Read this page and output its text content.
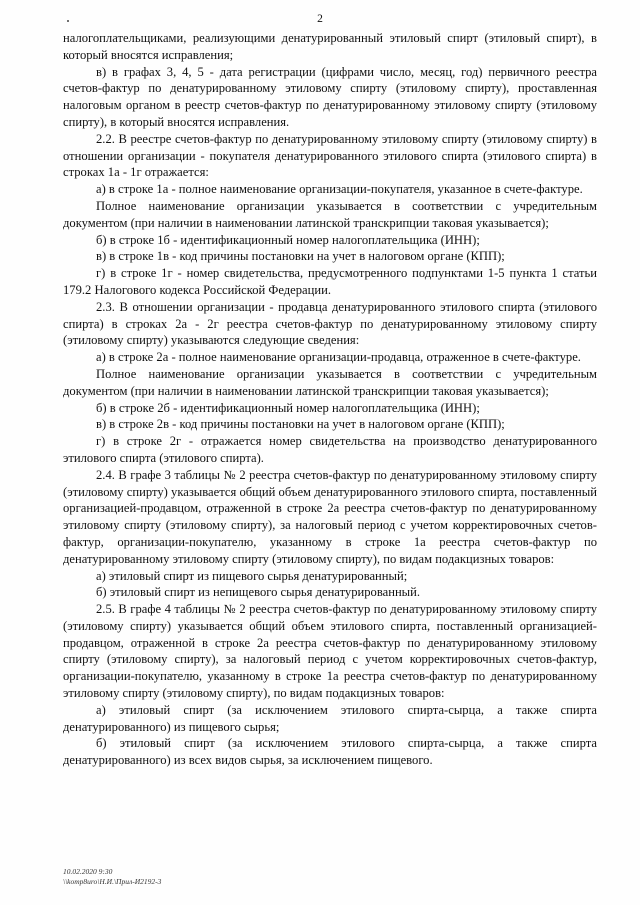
2

налогоплательщиками, реализующими денатурированный этиловый спирт (этиловый спирт), в который вносятся исправления;

в) в графах 3, 4, 5 - дата регистрации (цифрами число, месяц, год) первичного реестра счетов-фактур по денатурированному этиловому спирту (этиловому спирту), проставленная налоговым органом в реестр счетов-фактур по денатурированному этиловому спирту (этиловому спирту), в который вносятся исправления.

2.2. В реестре счетов-фактур по денатурированному этиловому спирту (этиловому спирту) в отношении организации - покупателя денатурированного этилового спирта (этилового спирта) в строках 1а - 1г отражается:

а) в строке 1а - полное наименование организации-покупателя, указанное в счете-фактуре.

Полное наименование организации указывается в соответствии с учредительным документом (при наличии в наименовании латинской транскрипции таковая указывается);

б) в строке 1б - идентификационный номер налогоплательщика (ИНН);

в) в строке 1в - код причины постановки на учет в налоговом органе (КПП);

г) в строке 1г - номер свидетельства, предусмотренного подпунктами 1-5 пункта 1 статьи 179.2 Налогового кодекса Российской Федерации.

2.3. В отношении организации - продавца денатурированного этилового спирта (этилового спирта) в строках 2а - 2г реестра счетов-фактур по денатурированному этиловому спирту (этиловому спирту) указываются следующие сведения:

а) в строке 2а - полное наименование организации-продавца, отраженное в счете-фактуре.

Полное наименование организации указывается в соответствии с учредительным документом (при наличии в наименовании латинской транскрипции таковая указывается);

б) в строке 2б - идентификационный номер налогоплательщика (ИНН);

в) в строке 2в - код причины постановки на учет в налоговом органе (КПП);

г) в строке 2г - отражается номер свидетельства на производство денатурированного этилового спирта (этилового спирта).

2.4. В графе 3 таблицы № 2 реестра счетов-фактур по денатурированному этиловому спирту (этиловому спирту) указывается общий объем денатурированного этилового спирта, поставленный организацией-продавцом, отраженной в строке 2а реестра счетов-фактур по денатурированному этиловому спирту (этиловому спирту), за налоговый период с учетом корректировочных счетов-фактур, организации-покупателю, указанному в строке 1а реестра счетов-фактур по денатурированному этиловому спирту (этиловому спирту), по видам подакцизных товаров:

а) этиловый спирт из пищевого сырья денатурированный;

б) этиловый спирт из непищевого сырья денатурированный.

2.5. В графе 4 таблицы № 2 реестра счетов-фактур по денатурированному этиловому спирту (этиловому спирту) указывается общий объем этилового спирта, поставленный организацией-продавцом, отраженной в строке 2а реестра счетов-фактур по денатурированному этиловому спирту (этиловому спирту), за налоговый период с учетом корректировочных счетов-фактур, организации-покупателю, указанному в строке 1а реестра счетов-фактур по денатурированному этиловому спирту (этиловому спирту), по видам подакцизных товаров:

а) этиловый спирт (за исключением этилового спирта-сырца, а также спирта денатурированного) из пищевого сырья;

б) этиловый спирт (за исключением этилового спирта-сырца, а также спирта денатурированного) из всех видов сырья, за исключением пищевого.

10.02.2020 9:30
\\komp8uro\Н.И.\Прил-И2192-3
